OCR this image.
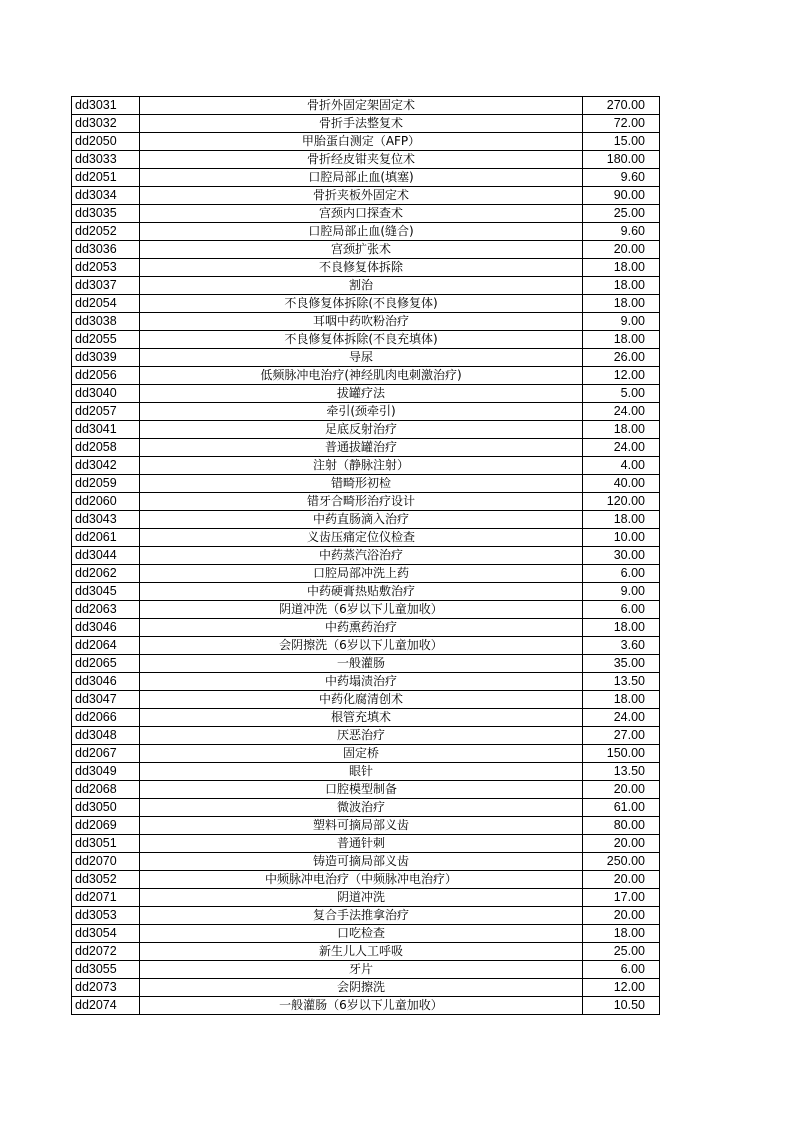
dd3031	骨折外固定架固定术	270.00
dd3032	骨折手法整复术	72.00
dd2050	甲胎蛋白测定（AFP）	15.00
dd3033	骨折经皮钳夹复位术	180.00
dd2051	口腔局部止血(填塞)	9.60
dd3034	骨折夹板外固定术	90.00
dd3035	宫颈内口探查术	25.00
dd2052	口腔局部止血(缝合)	9.60
dd3036	宫颈扩张术	20.00
dd2053	不良修复体拆除	18.00
dd3037	割治	18.00
dd2054	不良修复体拆除(不良修复体)	18.00
dd3038	耳咽中药吹粉治疗	9.00
dd2055	不良修复体拆除(不良充填体)	18.00
dd3039	导尿	26.00
dd2056	低频脉冲电治疗(神经肌肉电刺激治疗)	12.00
dd3040	拔罐疗法	5.00
dd2057	牵引(颈牵引)	24.00
dd3041	足底反射治疗	18.00
dd2058	普通拔罐治疗	24.00
dd3042	注射（静脉注射）	4.00
dd2059	错畸形初检	40.00
dd2060	错牙合畸形治疗设计	120.00
dd3043	中药直肠滴入治疗	18.00
dd2061	义齿压痛定位仪检查	10.00
dd3044	中药蒸汽浴治疗	30.00
dd2062	口腔局部冲洗上药	6.00
dd3045	中药硬膏热贴敷治疗	9.00
dd2063	阴道冲洗（6岁以下儿童加收）	6.00
dd3046	中药熏药治疗	18.00
dd2064	会阴擦洗（6岁以下儿童加收）	3.60
dd2065	一般灌肠	35.00
dd3046	中药塌渍治疗	13.50
dd3047	中药化腐清创术	18.00
dd2066	根管充填术	24.00
dd3048	厌恶治疗	27.00
dd2067	固定桥	150.00
dd3049	眼针	13.50
dd2068	口腔模型制备	20.00
dd3050	微波治疗	61.00
dd2069	塑料可摘局部义齿	80.00
dd3051	普通针刺	20.00
dd2070	铸造可摘局部义齿	250.00
dd3052	中频脉冲电治疗（中频脉冲电治疗）	20.00
dd2071	阴道冲洗	17.00
dd3053	复合手法推拿治疗	20.00
dd3054	口吃检查	18.00
dd2072	新生儿人工呼吸	25.00
dd3055	牙片	6.00
dd2073	会阴擦洗	12.00
dd2074	一般灌肠（6岁以下儿童加收）	10.50
